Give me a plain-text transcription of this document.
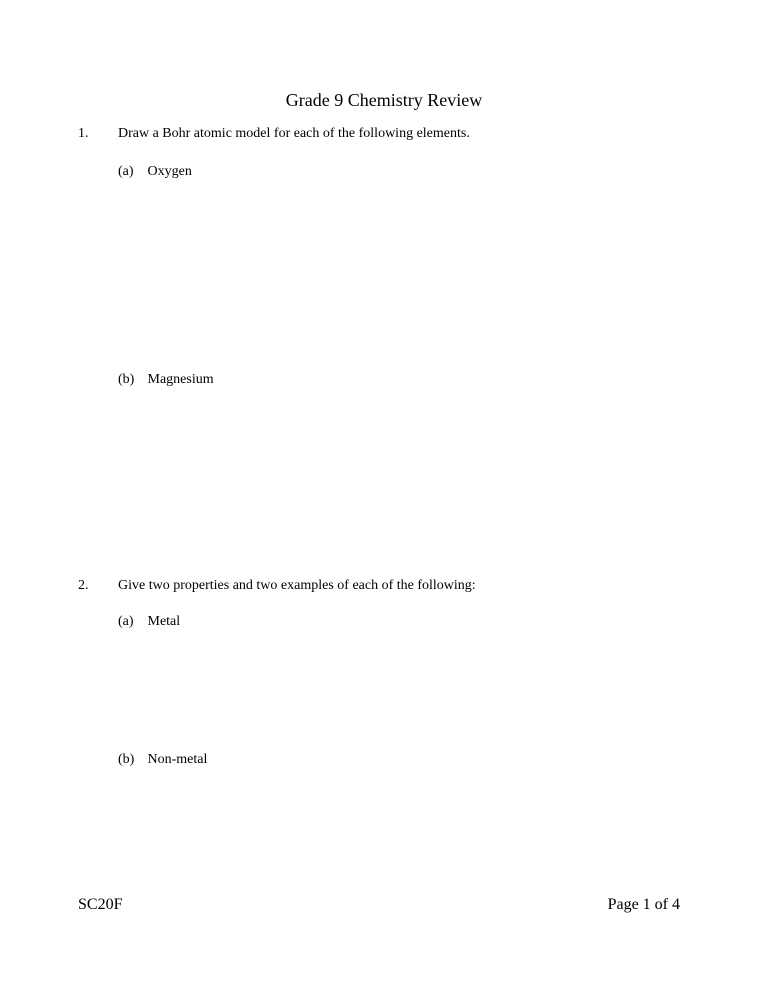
Grade 9 Chemistry Review
1. Draw a Bohr atomic model for each of the following elements.
(a) Oxygen
(b) Magnesium
2. Give two properties and two examples of each of the following:
(a) Metal
(b) Non-metal
SC20F	Page 1 of 4
